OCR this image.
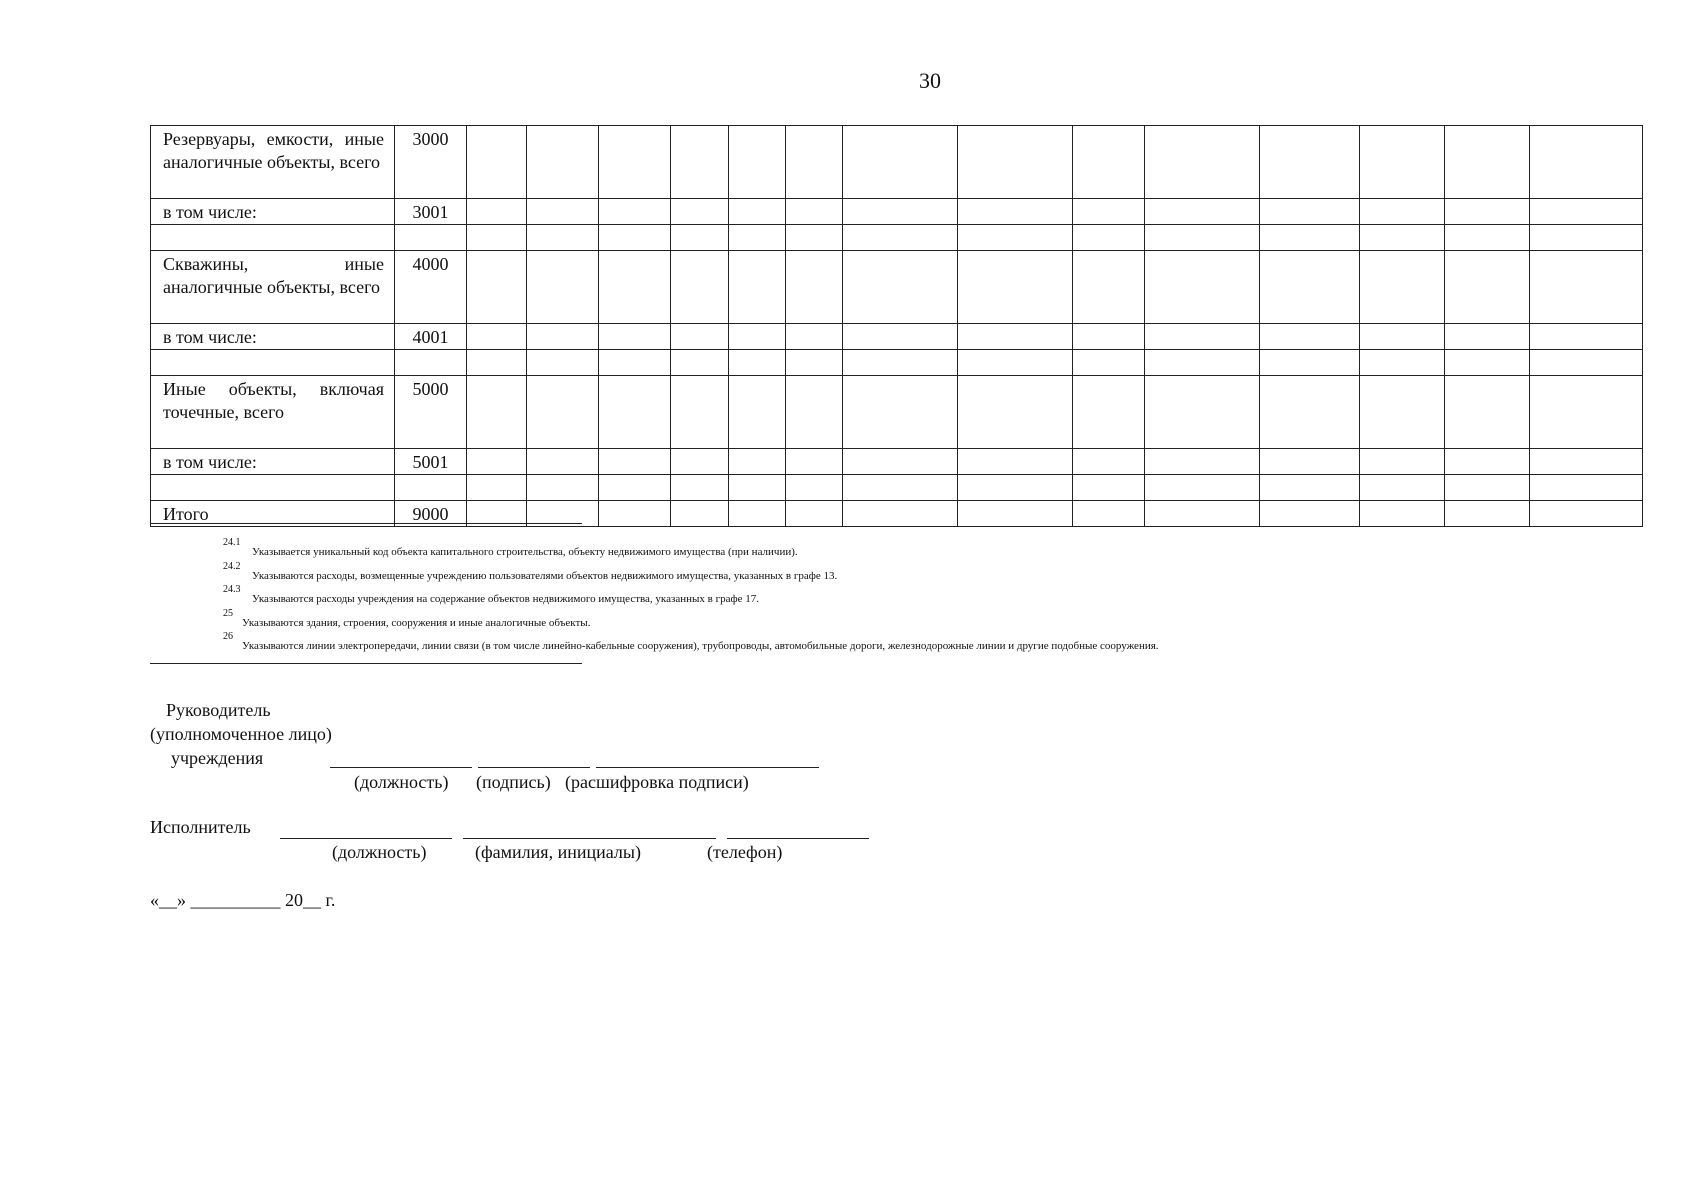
30
Резервуары, емкости, иные аналогичные объекты, всего	3000														
в том числе:	3001														

Скважины, иные аналогичные объекты, всего	4000														
в том числе:	4001														

Иные объекты, включая точечные, всего	5000														
в том числе:	5001														

Итого	9000														
24.1
24.2
24.3
25
26
Указывается уникальный код объекта капитального строительства, объекту недвижимого имущества (при наличии).
Указываются расходы, возмещенные учреждению пользователями объектов недвижимого имущества, указанных в графе 13.
Указываются расходы учреждения на содержание объектов недвижимого имущества, указанных в графе 17.
Указываются здания, строения, сооружения и иные аналогичные объекты.
Указываются линии электропередачи, линии связи (в том числе линейно-кабельные сооружения), трубопроводы, автомобильные дороги, железнодорожные линии и другие подобные сооружения.
Руководитель
(уполномоченное лицо)
учреждения
(должность) (подпись) (расшифровка подписи)
Исполнитель
(должность)	(фамилия, инициалы)	(телефон)
«__» __________ 20__ г.
